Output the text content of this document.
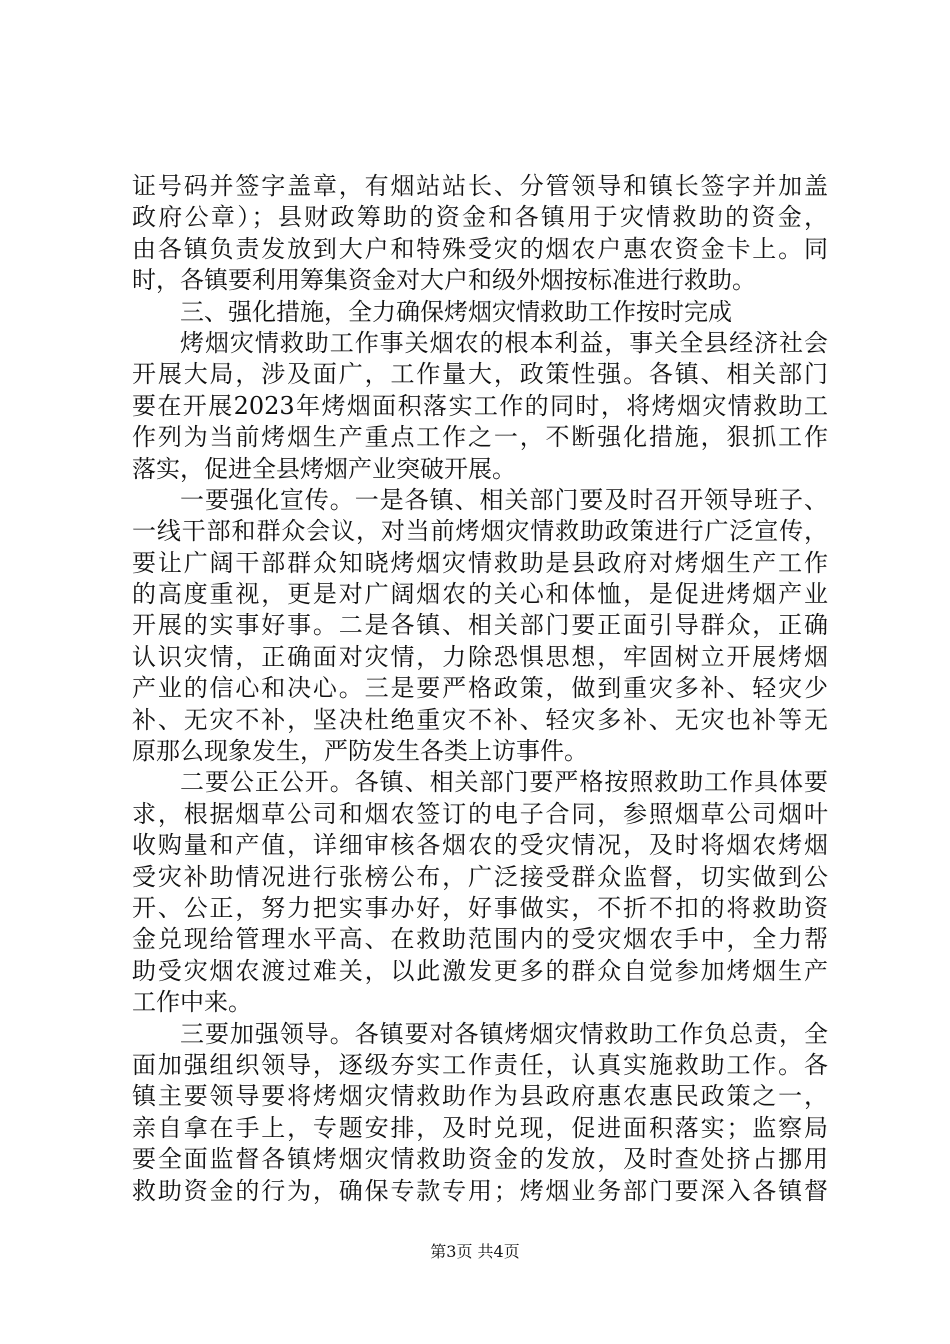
证号码并签字盖章，有烟站站长、分管领导和镇长签字并加盖
政府公章）；县财政筹助的资金和各镇用于灾情救助的资金，
由各镇负责发放到大户和特殊受灾的烟农户惠农资金卡上。同
时，各镇要利用筹集资金对大户和级外烟按标准进行救助。
三、强化措施，全力确保烤烟灾情救助工作按时完成
烤烟灾情救助工作事关烟农的根本利益，事关全县经济社会
开展大局，涉及面广，工作量大，政策性强。各镇、相关部门
要在开展2023年烤烟面积落实工作的同时，将烤烟灾情救助工
作列为当前烤烟生产重点工作之一，不断强化措施，狠抓工作
落实，促进全县烤烟产业突破开展。
一要强化宣传。一是各镇、相关部门要及时召开领导班子、
一线干部和群众会议，对当前烤烟灾情救助政策进行广泛宣传，
要让广阔干部群众知晓烤烟灾情救助是县政府对烤烟生产工作
的高度重视，更是对广阔烟农的关心和体恤，是促进烤烟产业
开展的实事好事。二是各镇、相关部门要正面引导群众，正确
认识灾情，正确面对灾情，力除恐惧思想，牢固树立开展烤烟
产业的信心和决心。三是要严格政策，做到重灾多补、轻灾少
补、无灾不补，坚决杜绝重灾不补、轻灾多补、无灾也补等无
原那么现象发生，严防发生各类上访事件。
二要公正公开。各镇、相关部门要严格按照救助工作具体要
求，根据烟草公司和烟农签订的电子合同，参照烟草公司烟叶
收购量和产值，详细审核各烟农的受灾情况，及时将烟农烤烟
受灾补助情况进行张榜公布，广泛接受群众监督，切实做到公
开、公正，努力把实事办好，好事做实，不折不扣的将救助资
金兑现给管理水平高、在救助范围内的受灾烟农手中，全力帮
助受灾烟农渡过难关，以此激发更多的群众自觉参加烤烟生产
工作中来。
三要加强领导。各镇要对各镇烤烟灾情救助工作负总责，全
面加强组织领导，逐级夯实工作责任，认真实施救助工作。各
镇主要领导要将烤烟灾情救助作为县政府惠农惠民政策之一，
亲自拿在手上，专题安排，及时兑现，促进面积落实；监察局
要全面监督各镇烤烟灾情救助资金的发放，及时查处挤占挪用
救助资金的行为，确保专款专用；烤烟业务部门要深入各镇督
第3页 共4页
